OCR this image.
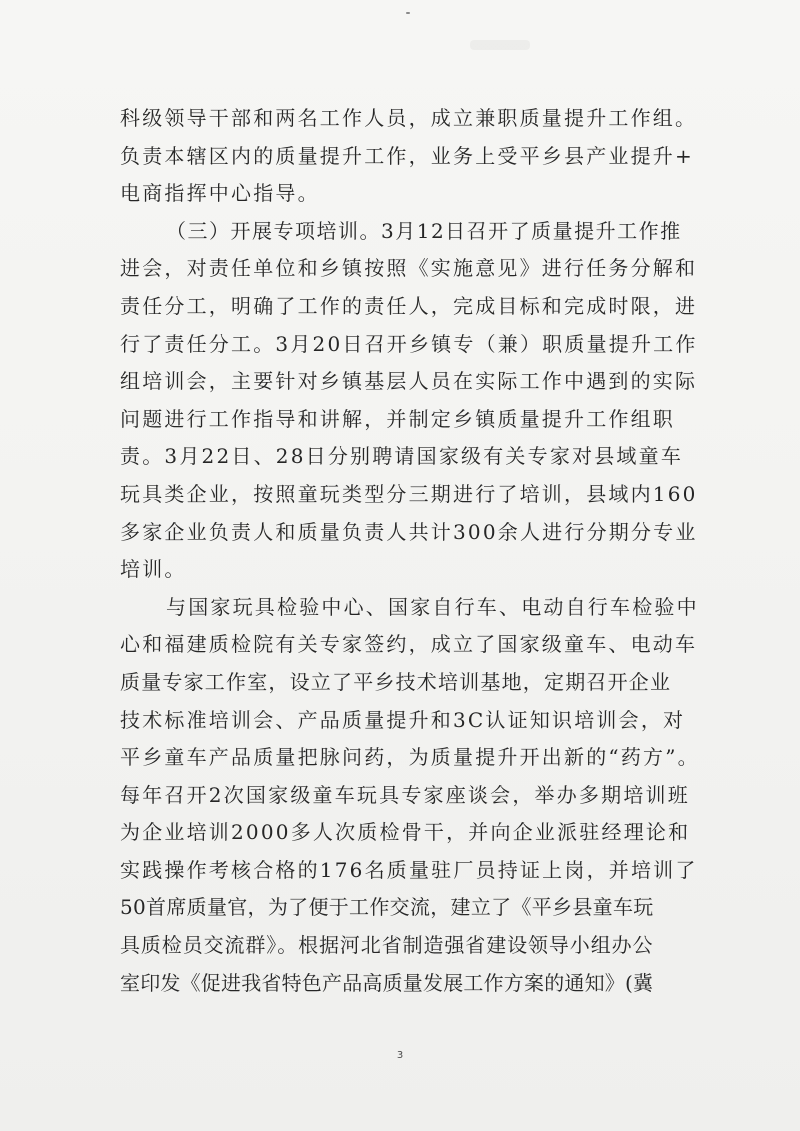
科级领导干部和两名工作人员，成立兼职质量提升工作组。
负责本辖区内的质量提升工作，业务上受平乡县产业提升+
电商指挥中心指导。
（三）开展专项培训。3月12日召开了质量提升工作推
进会，对责任单位和乡镇按照《实施意见》进行任务分解和
责任分工，明确了工作的责任人，完成目标和完成时限，进
行了责任分工。3月20日召开乡镇专（兼）职质量提升工作
组培训会，主要针对乡镇基层人员在实际工作中遇到的实际
问题进行工作指导和讲解，并制定乡镇质量提升工作组职
责。3月22日、28日分别聘请国家级有关专家对县域童车
玩具类企业，按照童玩类型分三期进行了培训，县域内160
多家企业负责人和质量负责人共计300余人进行分期分专业
培训。
与国家玩具检验中心、国家自行车、电动自行车检验中
心和福建质检院有关专家签约，成立了国家级童车、电动车
质量专家工作室，设立了平乡技术培训基地，定期召开企业
技术标准培训会、产品质量提升和3C认证知识培训会，对
平乡童车产品质量把脉问药，为质量提升开出新的“药方”。
每年召开2次国家级童车玩具专家座谈会，举办多期培训班
为企业培训2000多人次质检骨干，并向企业派驻经理论和
实践操作考核合格的176名质量驻厂员持证上岗，并培训了
50首席质量官，为了便于工作交流，建立了《平乡县童车玩
具质检员交流群》。根据河北省制造强省建设领导小组办公
室印发《促进我省特色产品高质量发展工作方案的通知》(冀
3
